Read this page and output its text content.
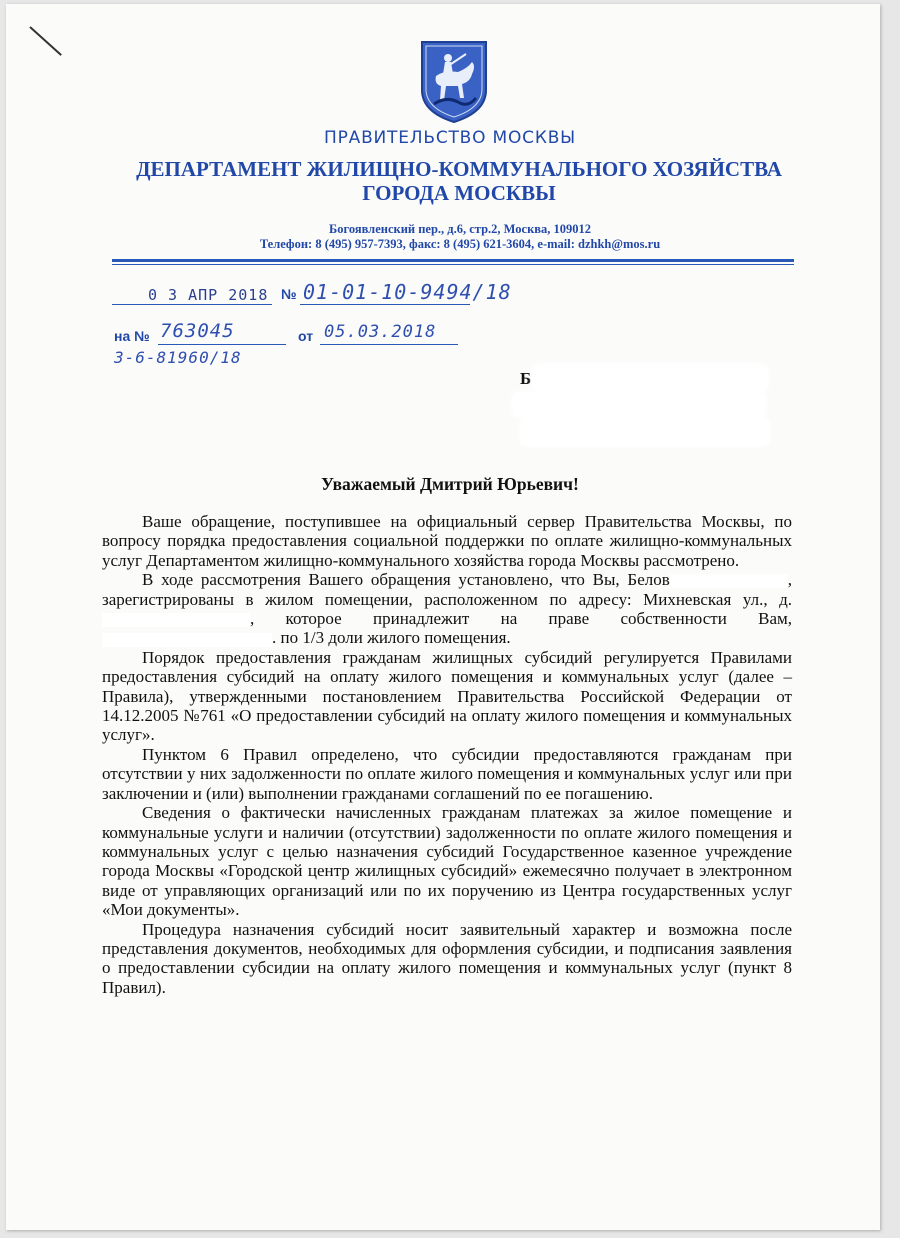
ПРАВИТЕЛЬСТВО МОСКВЫ
ДЕПАРТАМЕНТ ЖИЛИЩНО-КОММУНАЛЬНОГО ХОЗЯЙСТВА
ГОРОДА МОСКВЫ
Богоявленский пер., д.6, стр.2, Москва, 109012
Телефон: 8 (495) 957-7393, факс: 8 (495) 621-3604, e-mail: dzhkh@mos.ru
0 3 АПР 2018 № 01-01-10-9494/18
на № 763045	от 05.03.2018
3-6-81960/18
Б
Уважаемый Дмитрий Юрьевич!

Ваше обращение, поступившее на официальный сервер Правительства Москвы, по вопросу порядка предоставления социальной поддержки по оплате жилищно-коммунальных услуг Департаментом жилищно-коммунального хозяйства города Москвы рассмотрено.

В ходе рассмотрения Вашего обращения установлено, что Вы, Белов	, зарегистрированы в жилом помещении, расположенном по адресу: Михневская ул., д., которое принадлежит на праве собственности Вам,. по 1/3 доли жилого помещения.

Порядок предоставления гражданам жилищных субсидий регулируется Правилами предоставления субсидий на оплату жилого помещения и коммунальных услуг (далее – Правила), утвержденными постановлением Правительства Российской Федерации от 14.12.2005 №761 «О предоставлении субсидий на оплату жилого помещения и коммунальных услуг».

Пунктом 6 Правил определено, что субсидии предоставляются гражданам при отсутствии у них задолженности по оплате жилого помещения и коммунальных услуг или при заключении и (или) выполнении гражданами соглашений по ее погашению.

Сведения о фактически начисленных гражданам платежах за жилое помещение и коммунальные услуги и наличии (отсутствии) задолженности по оплате жилого помещения и коммунальных услуг с целью назначения субсидий Государственное казенное учреждение города Москвы «Городской центр жилищных субсидий» ежемесячно получает в электронном виде от управляющих организаций или по их поручению из Центра государственных услуг «Мои документы».

Процедура назначения субсидий носит заявительный характер и возможна после представления документов, необходимых для оформления субсидии, и подписания заявления о предоставлении субсидии на оплату жилого помещения и коммунальных услуг (пункт 8 Правил).
